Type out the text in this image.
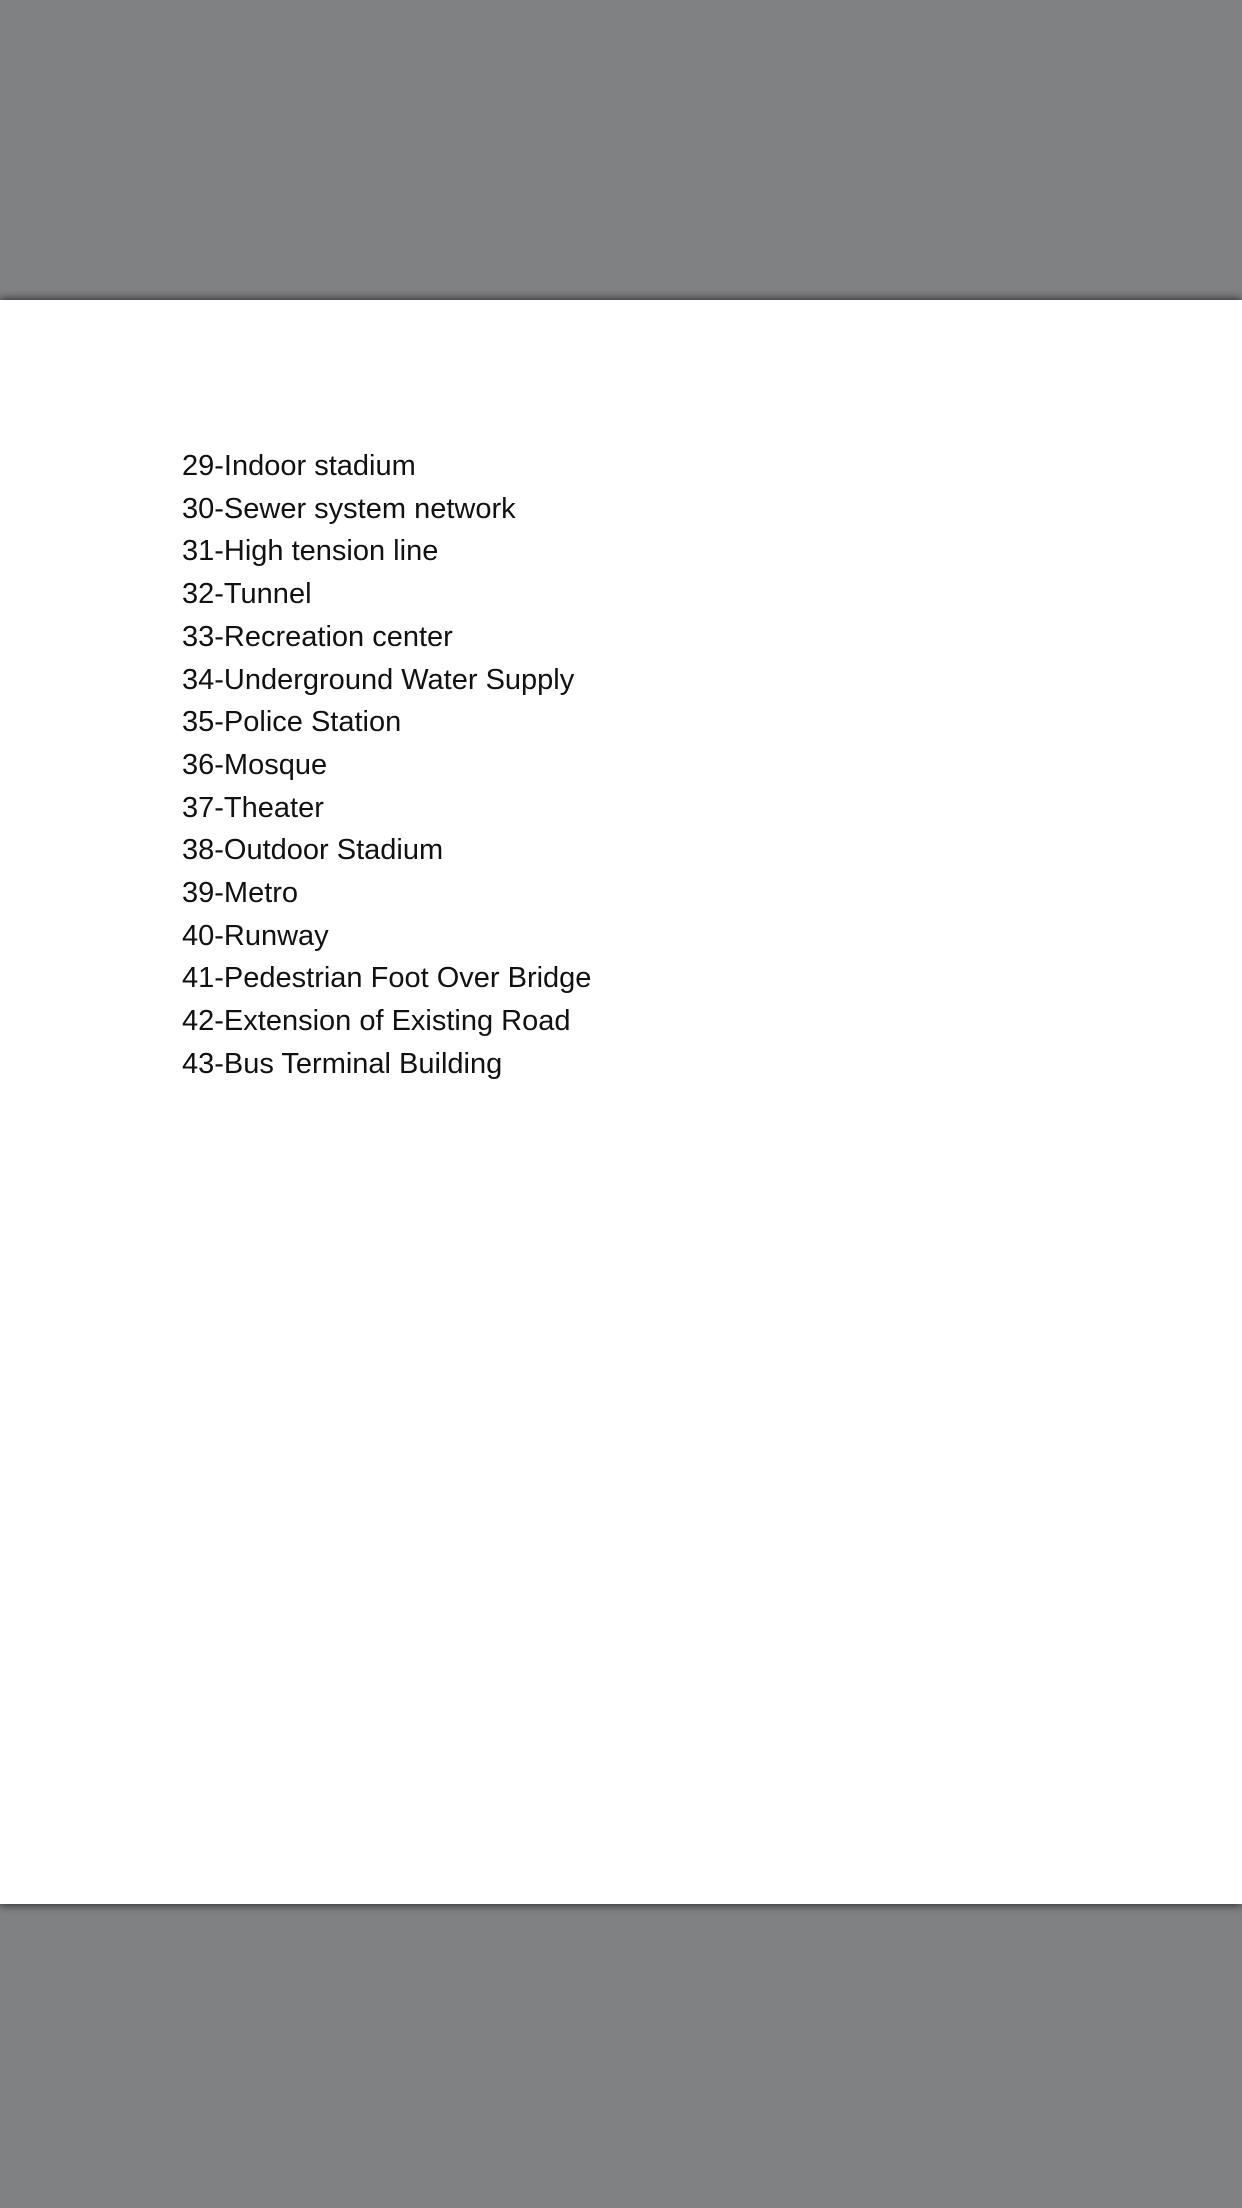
29-Indoor stadium
30-Sewer system network
31-High tension line
32-Tunnel
33-Recreation center
34-Underground Water Supply
35-Police Station
36-Mosque
37-Theater
38-Outdoor Stadium
39-Metro
40-Runway
41-Pedestrian Foot Over Bridge
42-Extension of Existing Road
43-Bus Terminal Building
